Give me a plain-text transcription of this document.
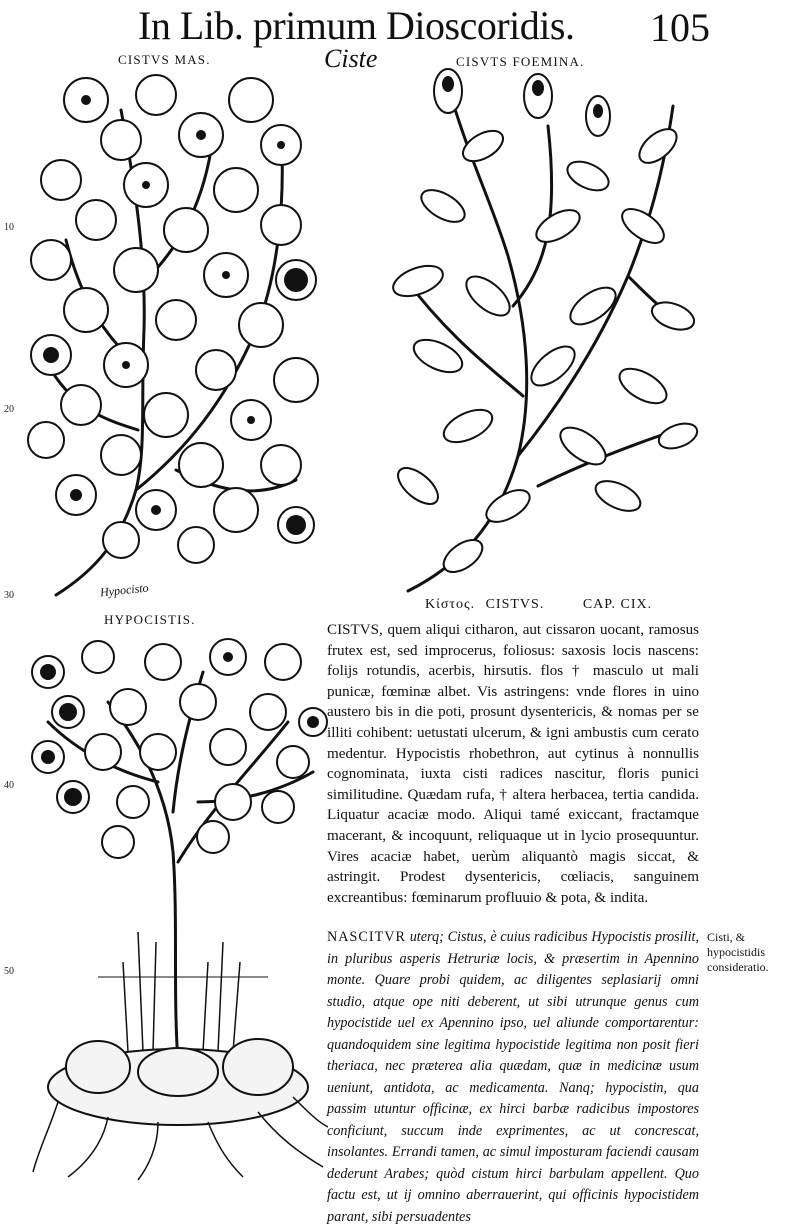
In Lib. primum Dioscoridis. 105
CISTVS MAS.	CISVTS FOEMINA.
Ciste
10
20
30
40
50
Hypocisto
HYPOCISTIS.
Κίστος. CISTVS.	CAP. CIX.

CISTVS, quem aliqui citharon, aut cissaron uocant, ramosus frutex est, sed improcerus, foliosus: saxosis locis nascens: folijs rotundis, acerbis, hirsutis. flos † masculo ut mali punicæ, fœminæ albet. Vis astringens: vnde flores in uino austero bis in die poti, prosunt dysentericis, & nomas per se illiti cohibent: uetustati ulcerum, & igni ambustis cum cerato medentur. Hypocistis rhobethron, aut cytinus à nonnullis cognominata, iuxta cisti radices nascitur, floris punici similitudine. Quædam rufa, † altera herbacea, tertia candida. Liquatur acaciæ modo. Aliqui tamé exiccant, fractamque macerant, & incoquunt, reliquaque ut in lycio prosequuntur. Vires acaciæ habet, uerùm aliquantò magis siccat, & astringit. Prodest dysentericis, cœliacis, sanguinem excreantibus: fœminarum profluuio & pota, & indita.

NASCITVR uterq; Cistus, è cuius radicibus Hypocistis prosilit, in pluribus asperis Hetruriæ locis, & præsertim in Apennino monte. Quare probi quidem, ac diligentes seplasiarij omni studio, atque ope niti deberent, ut sibi utrunque genus cum hypocistide uel ex Apennino ipso, uel aliunde comportarentur: quandoquidem sine legitima hypocistide legitima non posit fieri theriaca, nec præterea alia quædam, quæ in medicinæ usum ueniunt, antidota, ac medicamenta. Nanq; hypocistin, qua passim utuntur officinæ, ex hirci barbæ radicibus impostores conficiunt, succum inde exprimentes, ac ut concrescat, insolantes. Errandi tamen, ac simul imposturam faciendi causam dederunt Arabes; quòd cistum hirci barbulam appellent. Quo factu est, ut ij omnino aberrauerint, qui officinis hypocistidem parant, sibi persuadentes

Cisti, & hypocistidis consideratio.
